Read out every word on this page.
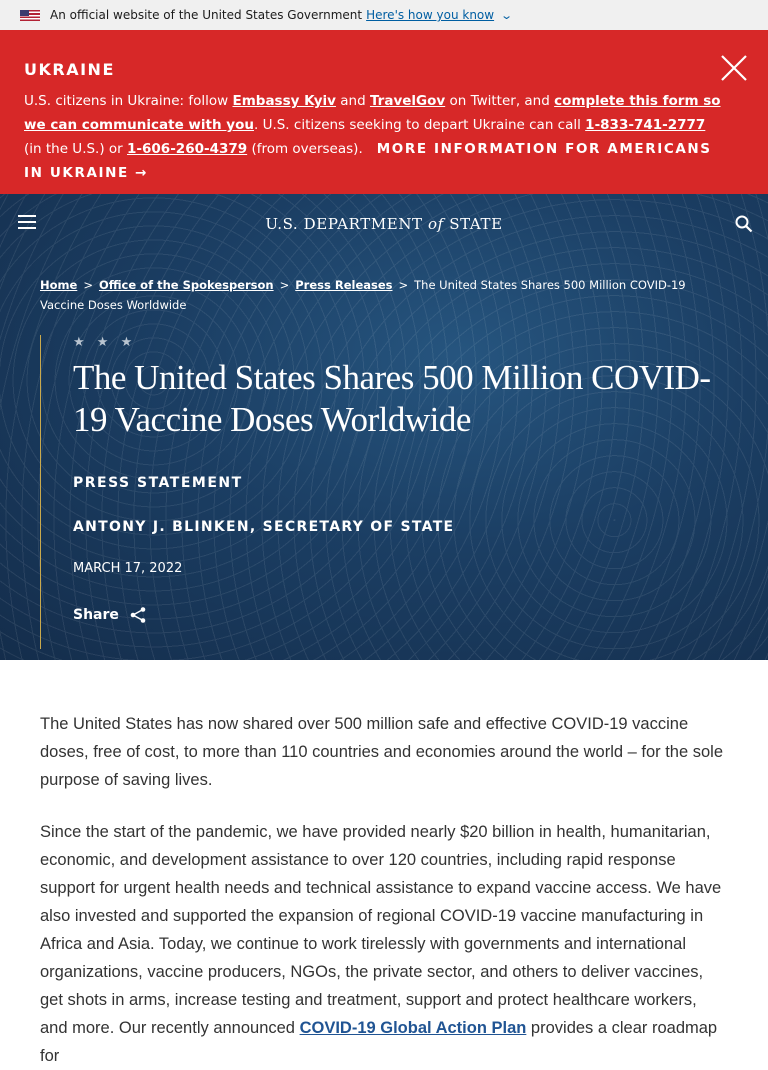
An official website of the United States Government Here's how you know ⌄
UKRAINE
U.S. citizens in Ukraine: follow Embassy Kyiv and TravelGov on Twitter, and complete this form so we can communicate with you. U.S. citizens seeking to depart Ukraine can call 1-833-741-2777 (in the U.S.) or 1-606-260-4379 (from overseas). MORE INFORMATION FOR AMERICANS IN UKRAINE →
U.S. DEPARTMENT of STATE
Home > Office of the Spokesperson > Press Releases > The United States Shares 500 Million COVID-19 Vaccine Doses Worldwide
★ ★ ★
The United States Shares 500 Million COVID-19 Vaccine Doses Worldwide
PRESS STATEMENT
ANTONY J. BLINKEN, SECRETARY OF STATE
MARCH 17, 2022
Share

The United States has now shared over 500 million safe and effective COVID-19 vaccine doses, free of cost, to more than 110 countries and economies around the world – for the sole purpose of saving lives.

Since the start of the pandemic, we have provided nearly $20 billion in health, humanitarian, economic, and development assistance to over 120 countries, including rapid response support for urgent health needs and technical assistance to expand vaccine access. We have also invested and supported the expansion of regional COVID-19 vaccine manufacturing in Africa and Asia. Today, we continue to work tirelessly with governments and international organizations, vaccine producers, NGOs, the private sector, and others to deliver vaccines, get shots in arms, increase testing and treatment, support and protect healthcare workers, and more. Our recently announced COVID-19 Global Action Plan provides a clear roadmap for
